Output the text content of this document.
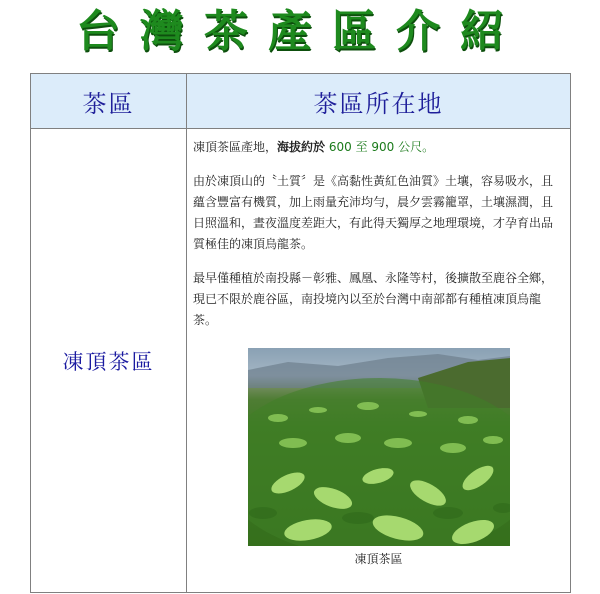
台灣茶產區介紹
茶區	茶區所在地
凍頂茶區	凍頂茶區產地，海拔約於 600 至 900 公尺。

由於凍頂山的〝土質〞是《高黏性黃紅色油質》土壤，容易吸水，且蘊含豐富有機質，加上雨量充沛均勻，晨夕雲霧籠罩，土壤濕潤，且日照溫和，晝夜溫度差距大，有此得天獨厚之地理環境，才孕育出品質極佳的凍頂烏龍茶。

最早僅種植於南投縣－彰雅、鳳凰、永隆等村，後擴散至鹿谷全鄉，現已不限於鹿谷區，南投境內以至於台灣中南部都有種植凍頂烏龍茶。

凍頂茶區
